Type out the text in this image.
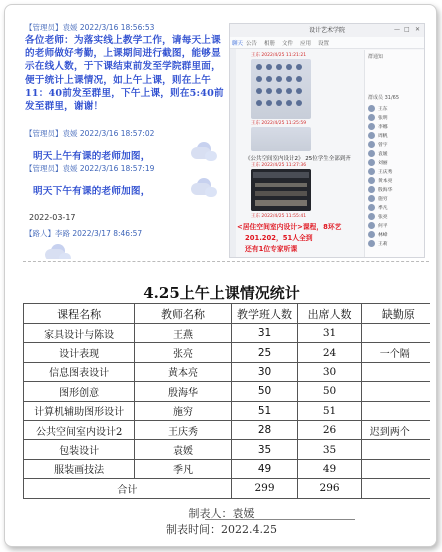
【管理员】袁媛 2022/3/16 18:56:53
各位老师：为落实线上教学工作，请每天上课的老师做好考勤，上课期间进行截图，能够显示在线人数，于下课结束前发至学院群里面，便于统计上课情况，如上午上课，则在上午11：40前发至群里，下午上课，则在5:40前发至群里，谢谢！
【管理员】袁媛 2022/3/16 18:57:02
明天上午有课的老师加图，
【管理员】袁媛 2022/3/16 18:57:19
明天下午有课的老师加图，
2022-03-17
【路人】李路 2022/3/17 8:46:57
设计艺术学院	— □ ✕
聊天 公告 相册 文件 应用 设置
王东 2022/4/25 11:21:21
王东 2022/4/25 11:25:59
《公共空间室内设计2》 25位学生全部到齐
王东 2022/4/25 11:27:36
王东 2022/4/25 11:55:41
<居住空间室内设计>课程，8环艺
201.202，51人全到
还有1位专家听课
群通知
群成员 31/65
王东
张明
李娜
周帆
曾宇
袁媛
刘丽
王庆秀
黄本亮
殷海华
施穷
季凡
张亮
何平
林峰
王莉
4.25上午上课情况统计
课程名称	教师名称	教学班人数	出席人数	缺勤原
家具设计与陈设	王燕	31	31	
设计表现	张亮	25	24	一个隔
信息图表设计	黄本亮	30	30	
图形创意	殷海华	50	50	
计算机辅助图形设计	施穷	51	51	
公共空间室内设计2	王庆秀	28	26	迟到两个
包装设计	袁媛	35	35	
服装画技法	季凡	49	49	
合计		299	296	
制表人：袁媛
制表时间：2022.4.25
